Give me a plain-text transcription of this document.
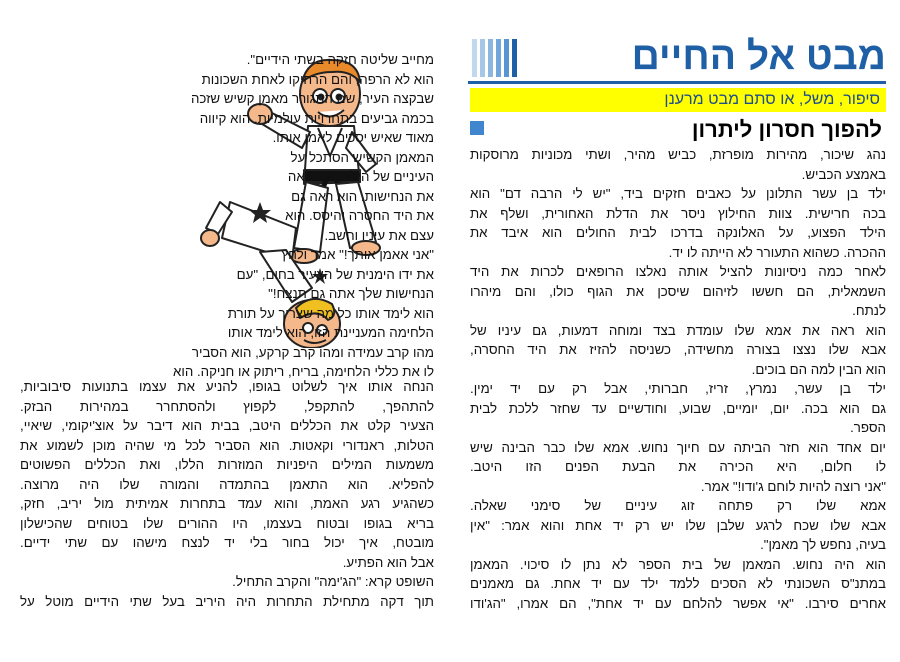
מבט אל החיים
סיפור, משל, או סתם מבט מרענן
להפוך חסרון ליתרון
נהג שיכור, מהירות מופרזת, כביש מהיר, ושתי מכוניות מרוסקות
באמצע הכביש.
ילד בן עשר התלונן על כאבים חזקים ביד, "יש לי הרבה דם" הוא
בכה חרישית. צוות החילוץ ניסר את הדלת האחורית, ושלף את
הילד הפצוע, על האלונקה בדרכו לבית החולים הוא איבד את
ההכרה. כשהוא התעורר לא הייתה לו יד.
לאחר כמה ניסיונות להציל אותה נאלצו הרופאים לכרות את היד
השמאלית, הם חששו לזיהום שיסכן את הגוף כולו, והם מיהרו
לנתח.
הוא ראה את אמא שלו עומדת בצד ומוחה דמעות, גם עיניו של
אבא שלו נצצו בצורה מחשידה, כשניסה להזיז את היד החסרה,
הוא הבין למה הם בוכים.
ילד בן עשר, נמרץ, זריז, חברותי, אבל רק עם יד ימין.
גם הוא בכה. יום, יומיים, שבוע, וחודשיים עד שחזר ללכת לבית
הספר.
יום אחד הוא חזר הביתה עם חיוך נחוש. אמא שלו כבר הבינה שיש
לו חלום, היא הכירה את הבעת הפנים הזו היטב.
"אני רוצה להיות לוחם ג'ודו!" אמר.
אמא שלו רק פתחה זוג עיניים של סימני שאלה.
אבא שלו שכח לרגע שלבן שלו יש רק יד אחת והוא אמר: "אין
בעיה, נחפש לך מאמן".
הוא היה נחוש. המאמן של בית הספר לא נתן לו סיכוי. המאמן
במתנ"ס השכונתי לא הסכים ללמד ילד עם יד אחת. גם מאמנים
אחרים סירבו. "אי אפשר להלחם עם יד אחת", הם אמרו, "הג'ודו
מחייב שליטה חזקה בשתי הידיים".
הוא לא הרפה, והם הרחיקו לאחת השכונות
שבקצה העיר, שם התגורר מאמן קשיש שזכה
בכמה גביעים בתחרויות עולמיות. הוא קיווה
מאוד שאיש יסכים לאמן אותו.
המאמן הקשיש הסתכל על
העיניים של הילד, הוא ראה
את הנחישות. הוא ראה גם
את היד החסרה והיסס. הוא
עצם את עיניו וחשב.
"אני אאמן אותך!" אמר ולחץ
את ידו הימנית של הצעיר בחום, "עם
הנחישות שלך אתה גם תנצח!"
הוא לימד אותו כל מה שצריך על תורת
הלחימה המעניינת הזו, הוא לימד אותו
מהו קרב עמידה ומהו קרב קרקע, הוא הסביר
לו את כללי הלחימה, בריח, ריתוק או חניקה. הוא
הנחה אותו איך לשלוט בגופו, להניע את עצמו בתנועות סיבוביות,
להתהפך, להתקפל, לקפוץ ולהסתחרר במהירות הבזק.
הצעיר קלט את הכללים היטב, בבית הוא דיבר על אוצ'יקומי, שיאיי,
הטלות, ראנדורי וקאטות. הוא הסביר לכל מי שהיה מוכן לשמוע את
משמעות המילים היפניות המוזרות הללו, ואת הכללים הפשוטים
להפליא. הוא התאמן בהתמדה והמורה שלו היה מרוצה.
כשהגיע רגע האמת, והוא עמד בתחרות אמיתית מול יריב, חזק,
בריא בגופו ובטוח בעצמו, היו ההורים שלו בטוחים שהכישלון
מובטח, איך יכול בחור בלי יד לנצח מישהו עם שתי ידיים.
אבל הוא הפתיע.
השופט קרא: "הג'ימה" והקרב התחיל.
תוך דקה מתחילת התחרות היה היריב בעל שתי הידיים מוטל על
